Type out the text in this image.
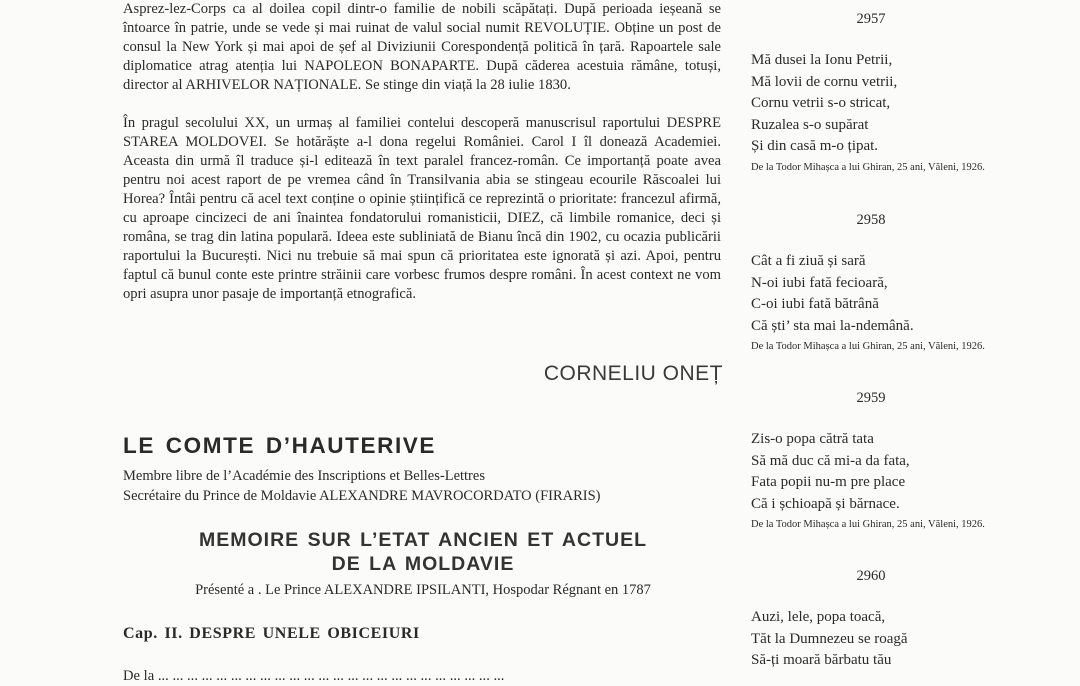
Asprez-lez-Corps ca al doilea copil dintr-o familie de nobili scăpătați. După perioada ieșeană se întoarce în patrie, unde se vede și mai ruinat de valul social numit REVOLUȚIE. Obține un post de consul la New York și mai apoi de șef al Diviziunii Corespondență politică în țară. Rapoartele sale diplomatice atrag atenția lui NAPOLEON BONAPARTE. După căderea acestuia rămâne, totuși, director al ARHIVELOR NAȚIONALE. Se stinge din viață la 28 iulie 1830.

În pragul secolului XX, un urmaș al familiei contelui descoperă manuscrisul raportului DESPRE STAREA MOLDOVEI. Se hotărăște a-l dona regelui României. Carol I îl donează Academiei. Aceasta din urmă îl traduce și-l editează în text paralel francez-român. Ce importanță poate avea pentru noi acest raport de pe vremea când în Transilvania abia se stingeau ecourile Răscoalei lui Horea? Întâi pentru că acel text conține o opinie științifică ce reprezintă o prioritate: francezul afirmă, cu aproape cincizeci de ani înaintea fondatorului romanisticii, DIEZ, că limbile romanice, deci și româna, se trag din latina populară. Ideea este subliniată de Bianu încă din 1902, cu ocazia publicării raportului la București. Nici nu trebuie să mai spun că prioritatea este ignorată și azi. Apoi, pentru faptul că bunul conte este printre străinii care vorbesc frumos despre români. În acest context ne vom opri asupra unor pasaje de importanță etnografică.

CORNELIU ONEȚ

LE COMTE D’HAUTERIVE

Membre libre de l’Académie des Inscriptions et Belles-Lettres

Secrétaire du Prince de Moldavie ALEXANDRE MAVROCORDATO (FIRARIS)

MEMOIRE SUR L’ETAT ANCIEN ET ACTUEL
DE LA MOLDAVIE

Présenté a . Le Prince ALEXANDRE IPSILANTI, Hospodar Régnant en 1787

Cap. II. DESPRE UNELE OBICEIURI

De la ... ... ... ... ... ... ... ... ... ... ... ... ... ... ... ... ... ... ... ... ... ... ... ...

2957

Mă dusei la Ionu Petrii,

Mă lovii de cornu vetrii,

Cornu vetrii s-o stricat,

Ruzalea s-o supărat

Și din casă m-o țipat.

De la Todor Mihașca a lui Ghiran, 25 ani, Văleni, 1926.

2958

Cât a fi ziuă și sară

N-oi iubi fată fecioară,

C-oi iubi fată bătrână

Că ști’ sta mai la-ndemână.

De la Todor Mihașca a lui Ghiran, 25 ani, Văleni, 1926.

2959

Zis-o popa cătră tata

Să mă duc că mi-a da fata,

Fata popii nu-m pre place

Că i șchioapă și bărnace.

De la Todor Mihașca a lui Ghiran, 25 ani, Văleni, 1926.

2960

Auzi, lele, popa toacă,

Tăt la Dumnezeu se roagă

Să-ți moară bărbatu tău
